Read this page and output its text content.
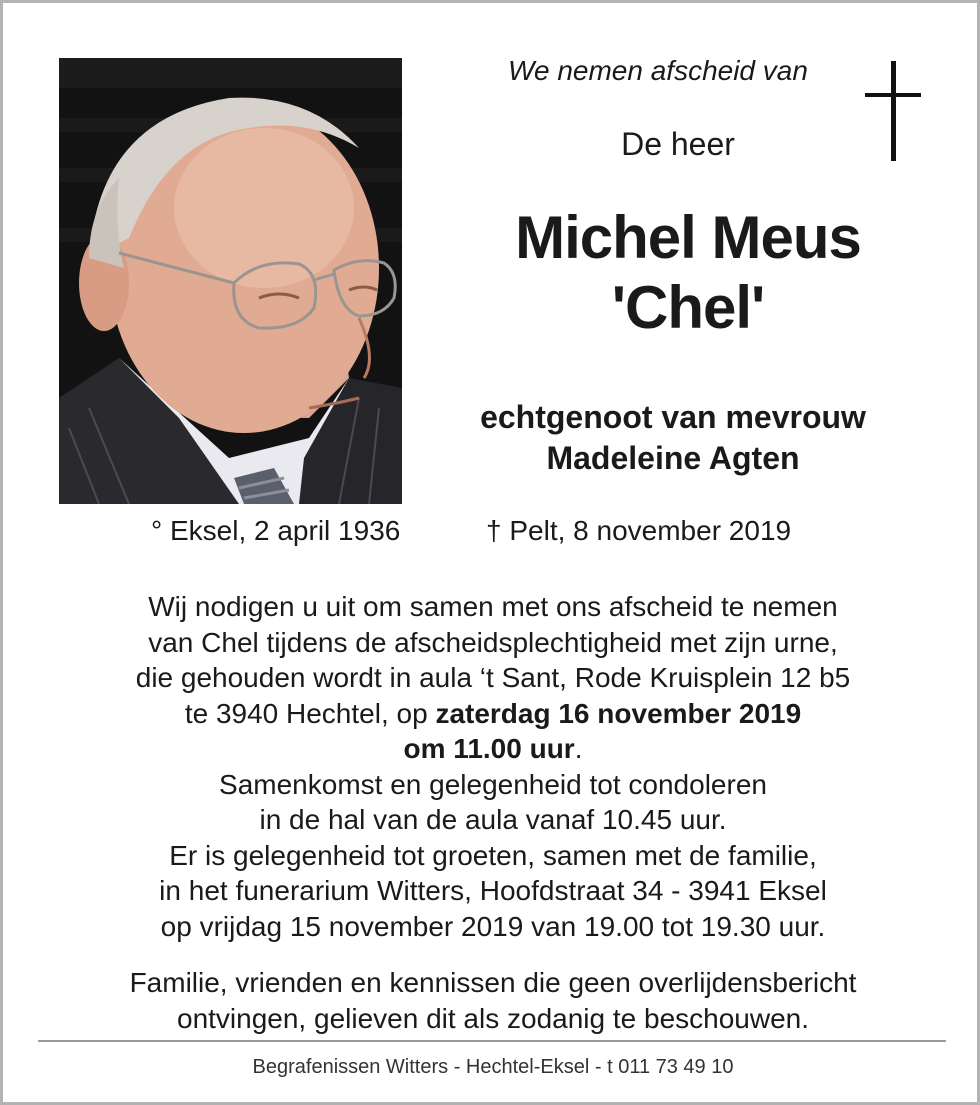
We nemen afscheid van
De heer
Michel Meus
'Chel'
echtgenoot van mevrouw
Madeleine Agten
° Eksel, 2 april 1936	† Pelt, 8 november 2019
Wij nodigen u uit om samen met ons afscheid te nemen
van Chel tijdens de afscheidsplechtigheid met zijn urne,
die gehouden wordt in aula ‘t Sant, Rode Kruisplein 12 b5
te 3940 Hechtel, op zaterdag 16 november 2019
om 11.00 uur.
Samenkomst en gelegenheid tot condoleren
in de hal van de aula vanaf 10.45 uur.
Er is gelegenheid tot groeten, samen met de familie,
in het funerarium Witters, Hoofdstraat 34 - 3941 Eksel
op vrijdag 15 november 2019 van 19.00 tot 19.30 uur.
Familie, vrienden en kennissen die geen overlijdensbericht
ontvingen, gelieven dit als zodanig te beschouwen.
Begrafenissen Witters - Hechtel-Eksel - t 011 73 49 10
